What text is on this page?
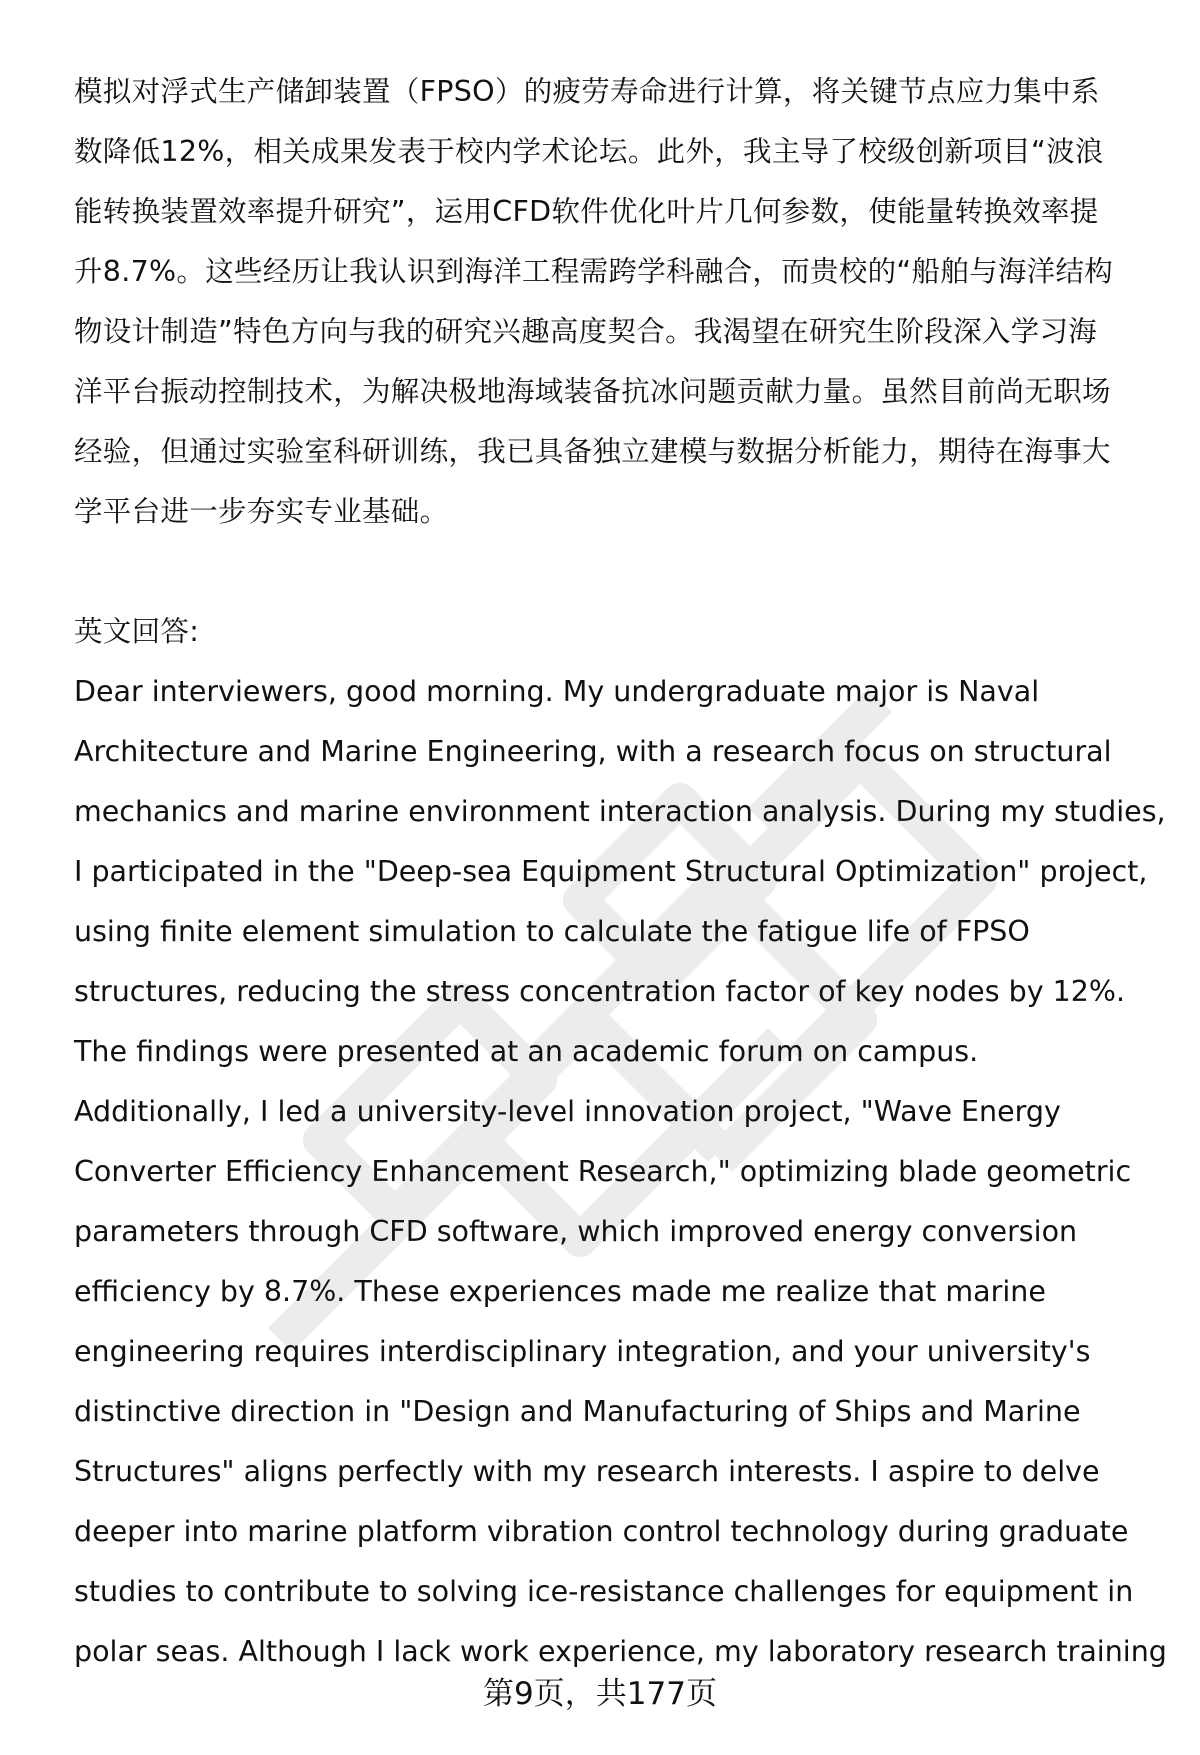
模拟对浮式生产储卸装置（FPSO）的疲劳寿命进行计算，将关键节点应力集中系
数降低12%，相关成果发表于校内学术论坛。此外，我主导了校级创新项目“波浪
能转换装置效率提升研究”，运用CFD软件优化叶片几何参数，使能量转换效率提
升8.7%。这些经历让我认识到海洋工程需跨学科融合，而贵校的“船舶与海洋结构
物设计制造”特色方向与我的研究兴趣高度契合。我渴望在研究生阶段深入学习海
洋平台振动控制技术，为解决极地海域装备抗冰问题贡献力量。虽然目前尚无职场
经验，但通过实验室科研训练，我已具备独立建模与数据分析能力，期待在海事大
学平台进一步夯实专业基础。
英文回答:
Dear interviewers, good morning. My undergraduate major is Naval
Architecture and Marine Engineering, with a research focus on structural
mechanics and marine environment interaction analysis. During my studies,
I participated in the "Deep-sea Equipment Structural Optimization" project,
using finite element simulation to calculate the fatigue life of FPSO
structures, reducing the stress concentration factor of key nodes by 12%.
The findings were presented at an academic forum on campus.
Additionally, I led a university-level innovation project, "Wave Energy
Converter Efficiency Enhancement Research," optimizing blade geometric
parameters through CFD software, which improved energy conversion
efficiency by 8.7%. These experiences made me realize that marine
engineering requires interdisciplinary integration, and your university's
distinctive direction in "Design and Manufacturing of Ships and Marine
Structures" aligns perfectly with my research interests. I aspire to delve
deeper into marine platform vibration control technology during graduate
studies to contribute to solving ice-resistance challenges for equipment in
polar seas. Although I lack work experience, my laboratory research training
第9页，共177页
